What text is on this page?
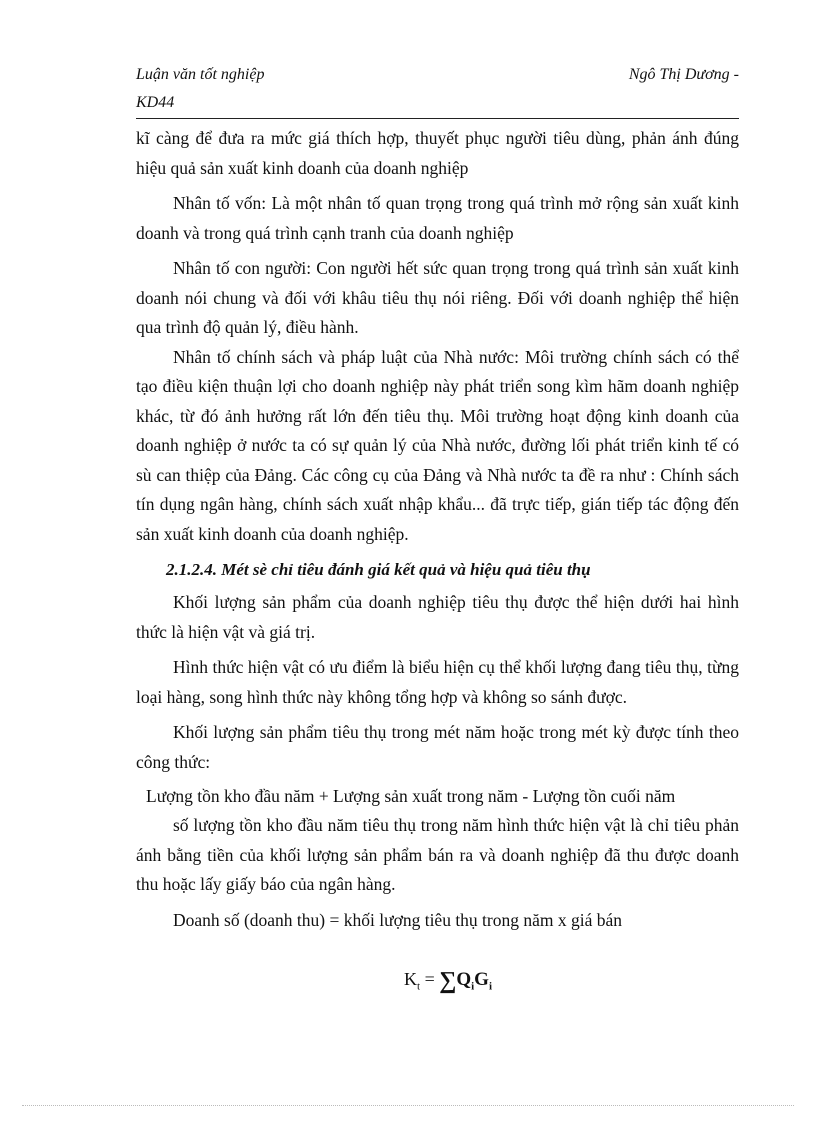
Luận văn tốt nghiệp	Ngô Thị Dương -
KD44

kĩ càng để đưa ra mức giá thích hợp, thuyết phục người tiêu dùng, phản ánh đúng hiệu quả sản xuất kinh doanh của doanh nghiệp

Nhân tố vốn: Là một nhân tố quan trọng trong quá trình mở rộng sản xuất kinh doanh và trong quá trình cạnh tranh của doanh nghiệp

Nhân tố con người: Con người hết sức quan trọng trong quá trình sản xuất kinh doanh nói chung và đối với khâu tiêu thụ nói riêng. Đối với doanh nghiệp thể hiện qua trình độ quản lý, điều hành.

Nhân tố chính sách và pháp luật của Nhà nước: Môi trường chính sách có thể tạo điều kiện thuận lợi cho doanh nghiệp này phát triển song kìm hãm doanh nghiệp khác, từ đó ảnh hưởng rất lớn đến tiêu thụ. Môi trường hoạt động kinh doanh của doanh nghiệp ở nước ta có sự quản lý của Nhà nước, đường lối phát triển kinh tế có sù can thiệp của Đảng. Các công cụ của Đảng và Nhà nước ta đề ra như : Chính sách tín dụng ngân hàng, chính sách xuất nhập khẩu... đã trực tiếp, gián tiếp tác động đến sản xuất kinh doanh của doanh nghiệp.

2.1.2.4. Mét sè chỉ tiêu đánh giá kết quả và hiệu quả tiêu thụ

Khối lượng sản phẩm của doanh nghiệp tiêu thụ được thể hiện dưới hai hình thức là hiện vật và giá trị.

Hình thức hiện vật có ưu điểm là biểu hiện cụ thể khối lượng đang tiêu thụ, từng loại hàng, song hình thức này không tổng hợp và không so sánh được.

Khối lượng sản phẩm tiêu thụ trong mét năm hoặc trong mét kỳ được tính theo công thức:

Lượng tồn kho đầu năm + Lượng sản xuất trong năm - Lượng tồn cuối năm

số lượng tồn kho đầu năm tiêu thụ trong năm hình thức hiện vật là chỉ tiêu phản ánh bằng tiền của khối lượng sản phẩm bán ra và doanh nghiệp đã thu được doanh thu hoặc lấy giấy báo của ngân hàng.

Doanh số (doanh thu) = khối lượng tiêu thụ trong năm x giá bán

$K_t = \sum Q_iG_i$
